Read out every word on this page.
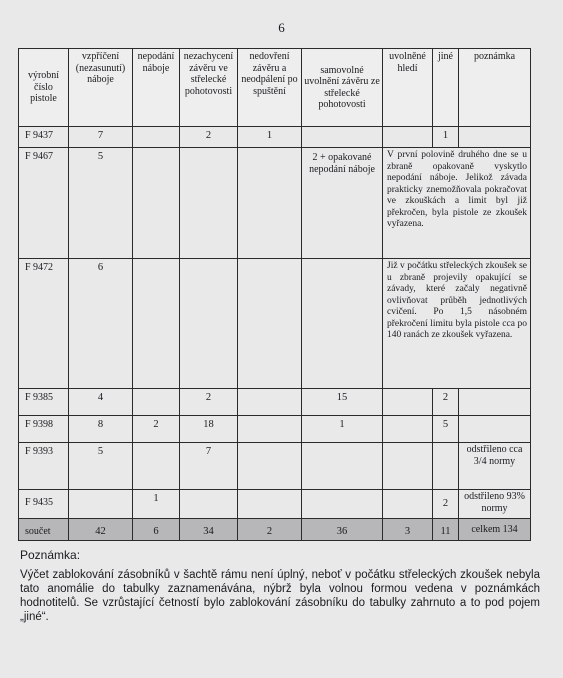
6
výrobní číslo pistole	vzpříčení (nezasunutí) náboje	nepodání náboje	nezachycení závěru ve střelecké pohotovosti	nedovření závěru a neodpálení po spuštění	samovolné uvolnění závěru ze střelecké pohotovosti	uvolněné hledí	jiné	poznámka
F 9437	7		2	1			1	
F 9467	5				2 + opakované nepodání náboje	V první polovině druhého dne se u zbraně opakovaně vyskytlo nepodání náboje. Jelikož závada prakticky znemožňovala pokračovat ve zkouškách a limit byl již překročen, byla pistole ze zkoušek vyřazena.		
F 9472	6					Již v počátku střeleckých zkoušek se u zbraně projevily opakující se závady, které začaly negativně ovlivňovat průběh jednotlivých cvičení. Po 1,5 násobném překročení limitu byla pistole cca po 140 ranách ze zkoušek vyřazena.		
F 9385	4		2		15		2	
F 9398	8	2	18		1		5	
F 9393	5		7					odstřileno cca 3/4 normy
F 9435		1					2	odstřileno 93% normy
součet	42	6	34	2	36	3	11	celkem 134
Poznámka:
Výčet zablokování zásobníků v šachtě rámu není úplný, neboť v počátku střeleckých zkoušek nebyla tato anomálie do tabulky zaznamenávána, nýbrž byla volnou formou vedena v poznámkách hodnotitelů. Se vzrůstající četností bylo zablokování zásobníku do tabulky zahrnuto a to pod pojem „jiné“.
